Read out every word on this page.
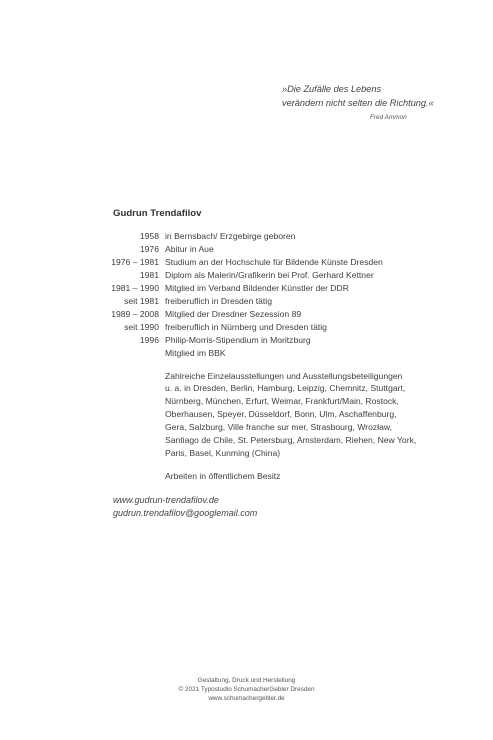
»Die Zufälle des Lebens
verändern nicht selten die Richtung.«
Fred Ammon
Gudrun Trendafilov
1958 in Bernsbach/ Erzgebirge geboren
1976 Abitur in Aue
1976 – 1981 Studium an der Hochschule für Bildende Künste Dresden
1981 Diplom als Malerin/Grafikerin bei Prof. Gerhard Kettner
1981 – 1990 Mitglied im Verband Bildender Künstler der DDR
seit 1981 freiberuflich in Dresden tätig
1989 – 2008 Mitglied der Dresdner Sezession 89
seit 1990 freiberuflich in Nürnberg und Dresden tätig
1996 Philip-Morris-Stipendium in Moritzburg
Mitglied im BBK
Zahlreiche Einzelausstellungen und Ausstellungsbeteiligungen
u. a. in Dresden, Berlin, Hamburg, Leipzig, Chemnitz, Stuttgart,
Nürnberg, München, Erfurt, Weimar, Frankfurt/Main, Rostock,
Oberhausen, Speyer, Düsseldorf, Bonn, Ulm, Aschaffenburg,
Gera, Salzburg, Ville franche sur mer, Strasbourg, Wrozław,
Santiago de Chile, St. Petersburg, Amsterdam, Riehen, New York,
Paris, Basel, Kunming (China)
Arbeiten in öffentlichem Besitz
www.gudrun-trendafilov.de
gudrun.trendafilov@googlemail.com
Gestaltung, Druck und Herstellung
© 2021 Typostudio SchumacherGebler Dresden
www.schumachergebler.de
